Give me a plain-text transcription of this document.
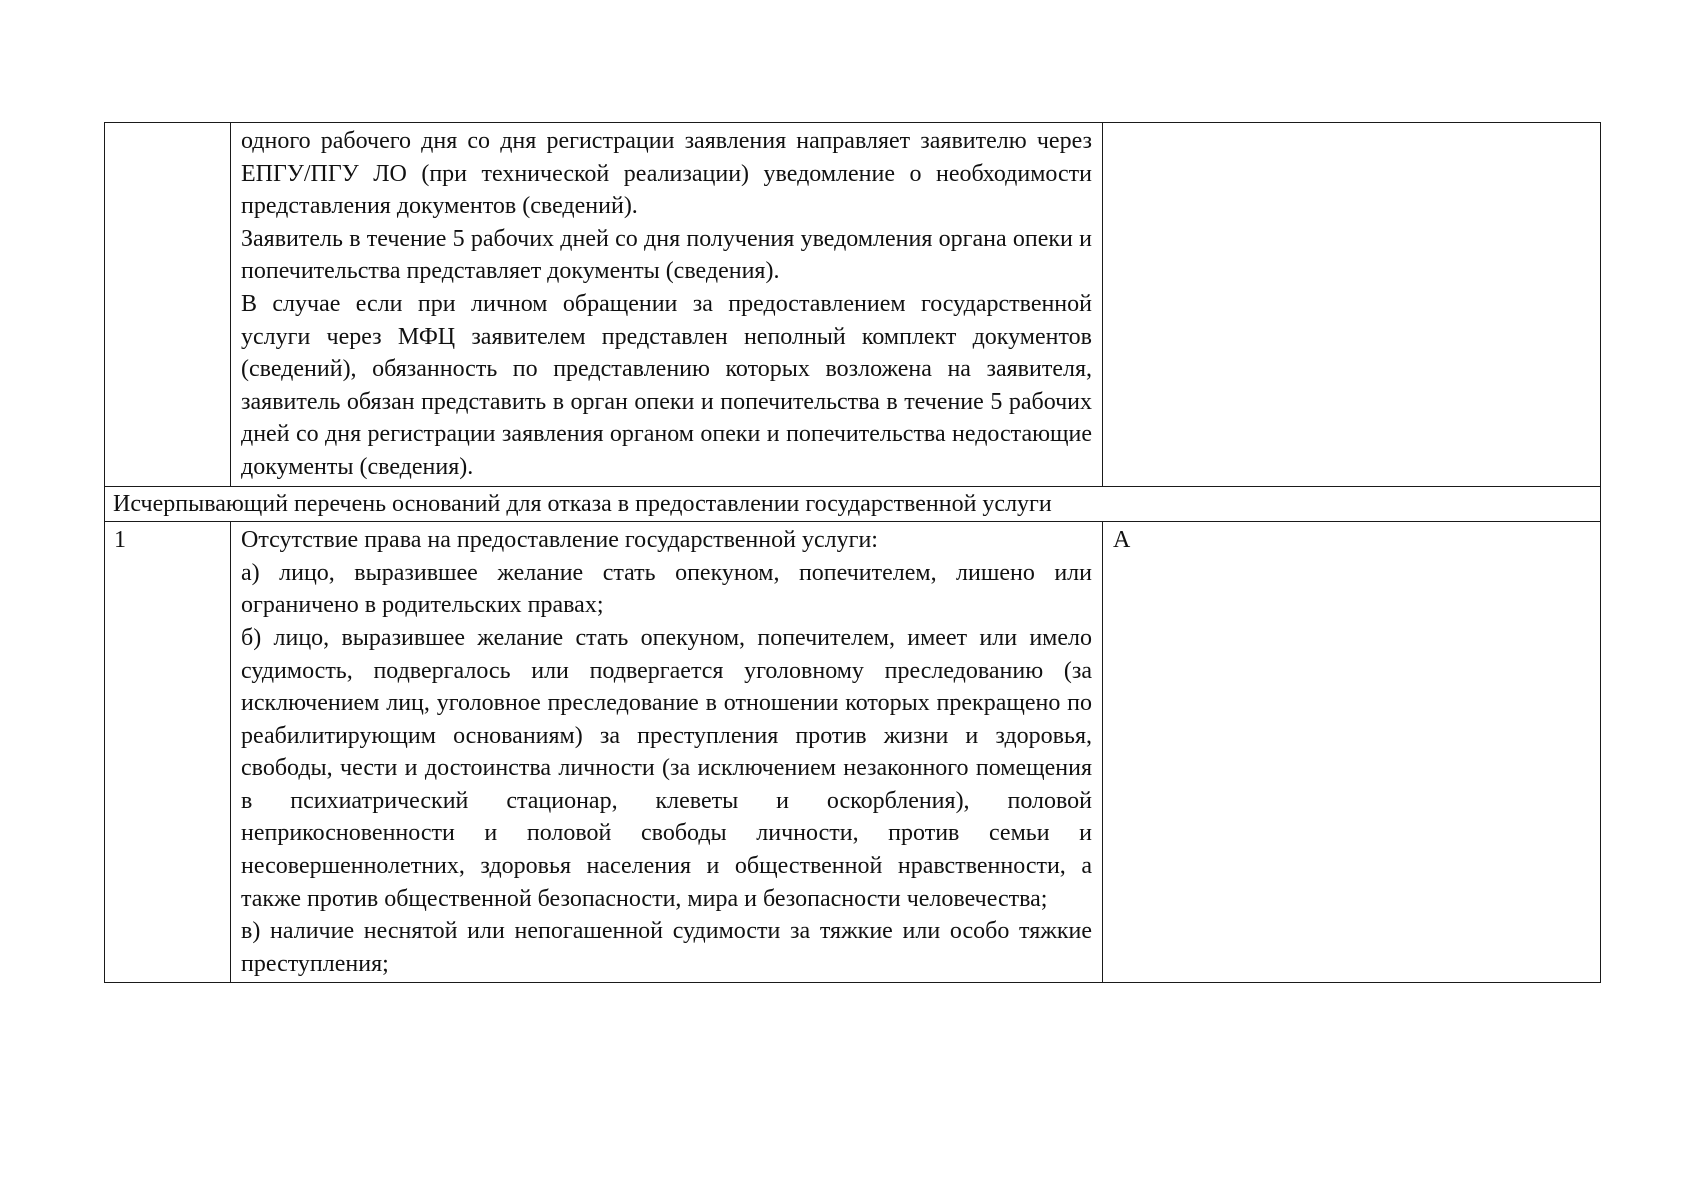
	одного рабочего дня со дня регистрации заявления направляет заявителю через ЕПГУ/ПГУ ЛО (при технической реализации) уведомление о необходимости представления документов (сведений).

Заявитель в течение 5 рабочих дней со дня получения уведомления органа опеки и попечительства представляет документы (сведения).

В случае если при личном обращении за предоставлением государственной услуги через МФЦ заявителем представлен неполный комплект документов (сведений), обязанность по представлению которых возложена на заявителя, заявитель обязан представить в орган опеки и попечительства в течение 5 рабочих дней со дня регистрации заявления органом опеки и попечительства недостающие документы (сведения).	

Исчерпывающий перечень оснований для отказа в предоставлении государственной услуги		
1	Отсутствие права на предоставление государственной услуги:

а) лицо, выразившее желание стать опекуном, попечителем, лишено или ограничено в родительских правах;

б) лицо, выразившее желание стать опекуном, попечителем, имеет или имело судимость, подвергалось или подвергается уголовному преследованию (за исключением лиц, уголовное преследование в отношении которых прекращено по реабилитирующим основаниям) за преступления против жизни и здоровья, свободы, чести и достоинства личности (за исключением незаконного помещения в психиатрический стационар, клеветы и оскорбления), половой неприкосновенности и половой свободы личности, против семьи и несовершеннолетних, здоровья населения и общественной нравственности, а также против общественной безопасности, мира и безопасности человечества;

в) наличие неснятой или непогашенной судимости за тяжкие или особо тяжкие преступления;	А
